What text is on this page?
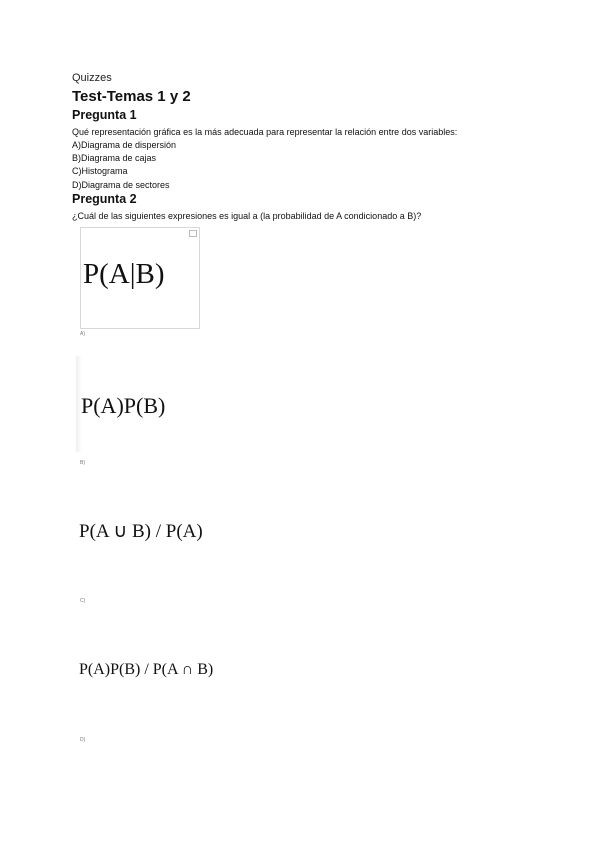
Quizzes
Test-Temas 1 y 2
Pregunta 1
Qué representación gráfica es la más adecuada para representar la relación entre dos variables:
A)Diagrama de dispersión
B)Diagrama de cajas
C)Histograma
D)Diagrama de sectores
Pregunta 2
¿Cuál de las siguientes expresiones es igual a (la probabilidad de A condicionado a B)?
P(A|B)
A)
P(A)P(B)
B)
P(A ∪ B) / P(A)
C)
P(A)P(B) / P(A ∩ B)
D)
